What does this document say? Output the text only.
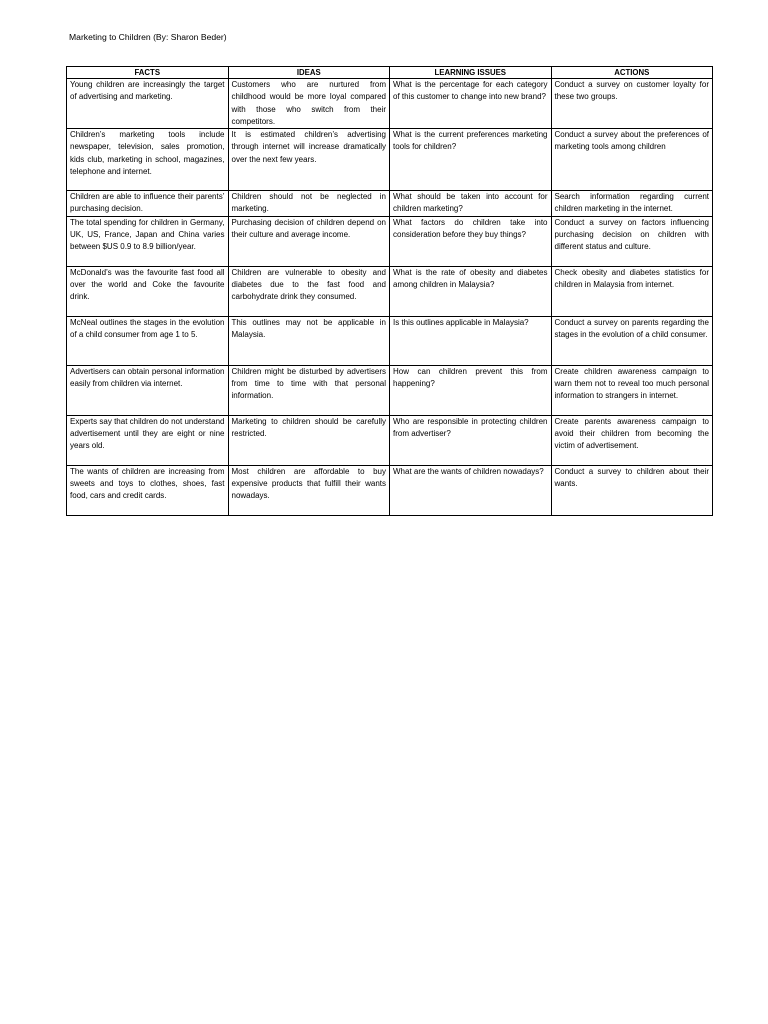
Marketing to Children (By: Sharon Beder)
FACTS	IDEAS	LEARNING ISSUES	ACTIONS
Young children are increasingly the target of advertising and marketing.	Customers who are nurtured from childhood would be more loyal compared with those who switch from their competitors.	What is the percentage for each category of this customer to change into new brand?	Conduct a survey on customer loyalty for these two groups.
Children’s marketing tools include newspaper, television, sales promotion, kids club, marketing in school, magazines, telephone and internet.	It is estimated children’s advertising through internet will increase dramatically over the next few years.	What is the current preferences marketing tools for children?	Conduct a survey about the preferences of marketing tools among children
Children are able to influence their parents’ purchasing decision.	Children should not be neglected in marketing.	What should be taken into account for children marketing?	Search information regarding current children marketing in the internet.
The total spending for children in Germany, UK, US, France, Japan and China varies between $US 0.9 to 8.9 billion/year.	Purchasing decision of children depend on their culture and average income.	What factors do children take into consideration before they buy things?	Conduct a survey on factors influencing purchasing decision on children with different status and culture.
McDonald’s was the favourite fast food all over the world and Coke the favourite drink.	Children are vulnerable to obesity and diabetes due to the fast food and carbohydrate drink they consumed.	What is the rate of obesity and diabetes among children in Malaysia?	Check obesity and diabetes statistics for children in Malaysia from internet.
McNeal outlines the stages in the evolution of a child consumer from age 1 to 5.	This outlines may not be applicable in Malaysia.	Is this outlines applicable in Malaysia?	Conduct a survey on parents regarding the stages in the evolution of a child consumer.
Advertisers can obtain personal information easily from children via internet.	Children might be disturbed by advertisers from time to time with that personal information.	How can children prevent this from happening?	Create children awareness campaign to warn them not to reveal too much personal information to strangers in internet.
Experts say that children do not understand advertisement until they are eight or nine years old.	Marketing to children should be carefully restricted.	Who are responsible in protecting children from advertiser?	Create parents awareness campaign to avoid their children from becoming the victim of advertisement.
The wants of children are increasing from sweets and toys to clothes, shoes, fast food, cars and credit cards.	Most children are affordable to buy expensive products that fulfill their wants nowadays.	What are the wants of children nowadays?	Conduct a survey to children about their wants.
